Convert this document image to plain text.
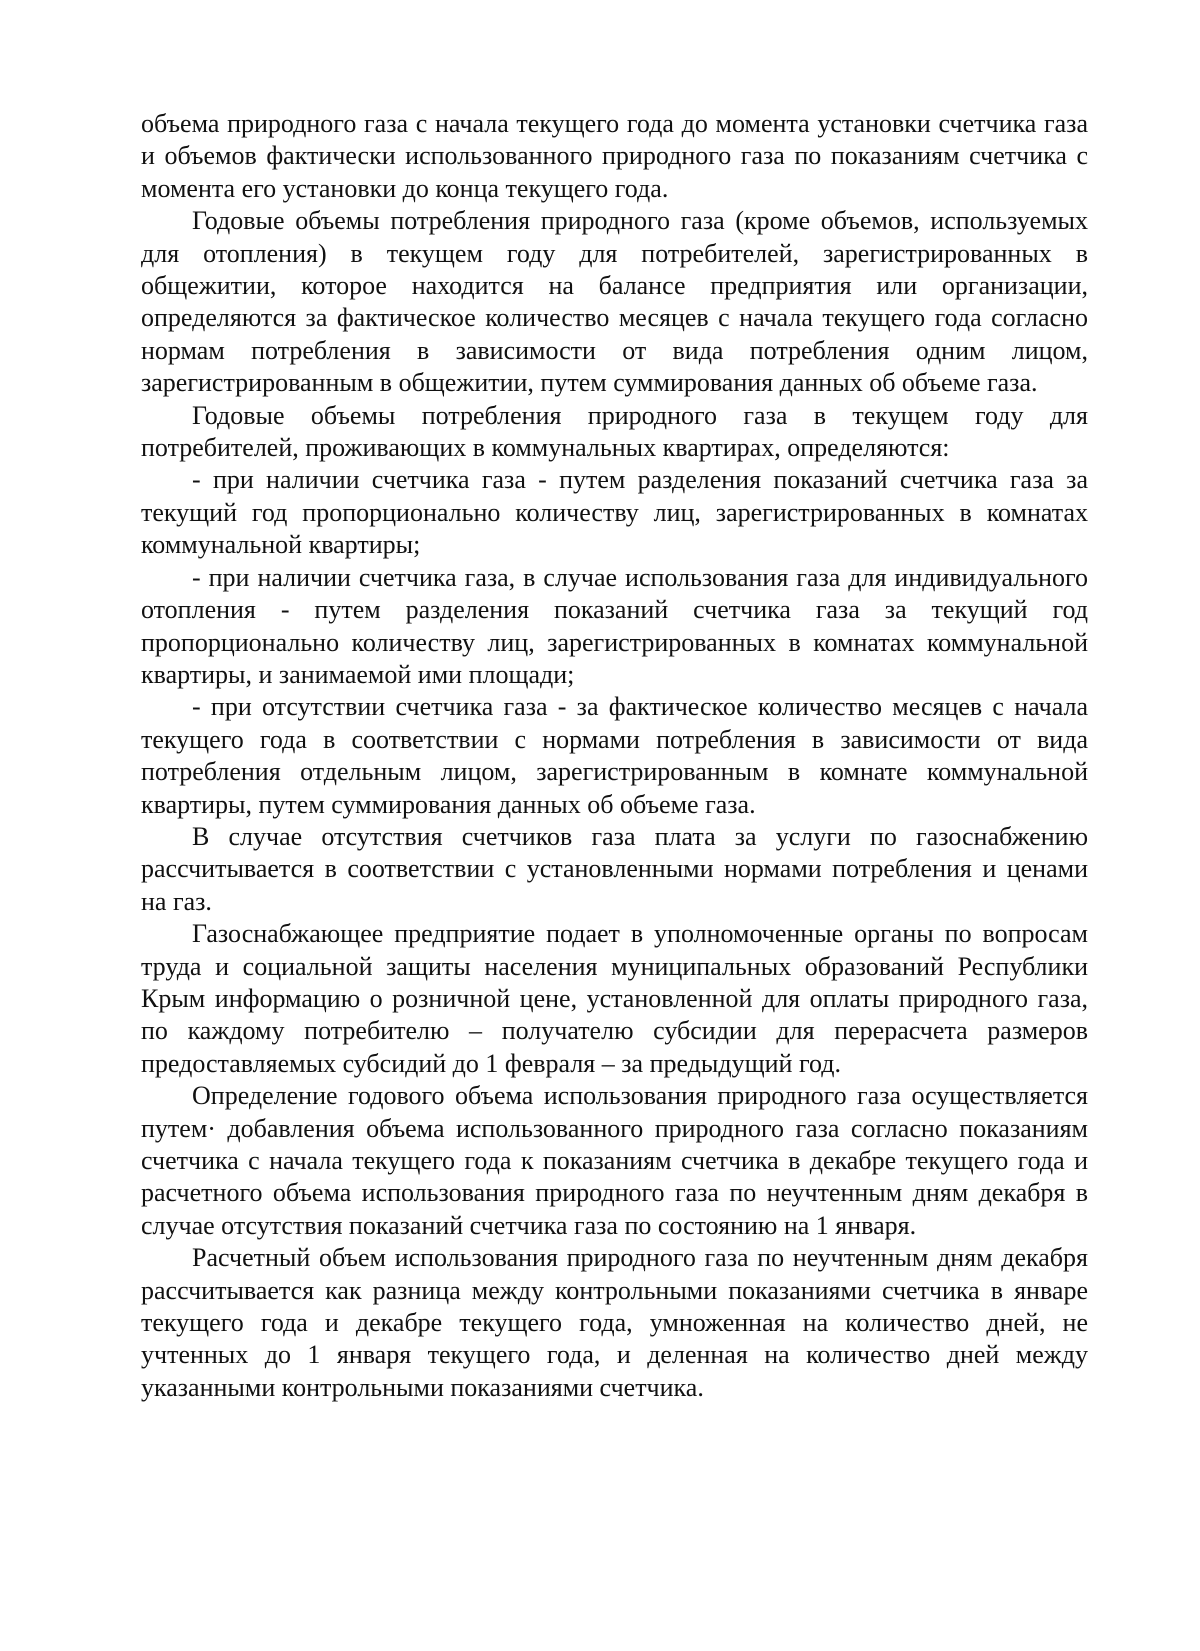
объема природного газа с начала текущего года до момента установки счетчика газа и объемов фактически использованного природного газа по показаниям счетчика с момента его установки до конца текущего года.

Годовые объемы потребления природного газа (кроме объемов, используемых для отопления) в текущем году для потребителей, зарегистрированных в общежитии, которое находится на балансе предприятия или организации, определяются за фактическое количество месяцев с начала текущего года согласно нормам потребления в зависимости от вида потребления одним лицом, зарегистрированным в общежитии, путем суммирования данных об объеме газа.

Годовые объемы потребления природного газа в текущем году для потребителей, проживающих в коммунальных квартирах, определяются:

- при наличии счетчика газа - путем разделения показаний счетчика газа за текущий год пропорционально количеству лиц, зарегистрированных в комнатах коммунальной квартиры;

- при наличии счетчика газа, в случае использования газа для индивидуального отопления - путем разделения показаний счетчика газа за текущий год пропорционально количеству лиц, зарегистрированных в комнатах коммунальной квартиры, и занимаемой ими площади;

- при отсутствии счетчика газа - за фактическое количество месяцев с начала текущего года в соответствии с нормами потребления в зависимости от вида потребления отдельным лицом, зарегистрированным в комнате коммунальной квартиры, путем суммирования данных об объеме газа.

В случае отсутствия счетчиков газа плата за услуги по газоснабжению рассчитывается в соответствии с установленными нормами потребления и ценами на газ.

Газоснабжающее предприятие подает в уполномоченные органы по вопросам труда и социальной защиты населения муниципальных образований Республики Крым информацию о розничной цене, установленной для оплаты природного газа, по каждому потребителю – получателю субсидии для перерасчета размеров предоставляемых субсидий до 1 февраля – за предыдущий год.

Определение годового объема использования природного газа осуществляется путем· добавления объема использованного природного газа согласно показаниям счетчика с начала текущего года к показаниям счетчика в декабре текущего года и расчетного объема использования природного газа по неучтенным дням декабря в случае отсутствия показаний счетчика газа по состоянию на 1 января.

Расчетный объем использования природного газа по неучтенным дням декабря рассчитывается как разница между контрольными показаниями счетчика в январе текущего года и декабре текущего года, умноженная на количество дней, не учтенных до 1 января текущего года, и деленная на количество дней между указанными контрольными показаниями счетчика.
